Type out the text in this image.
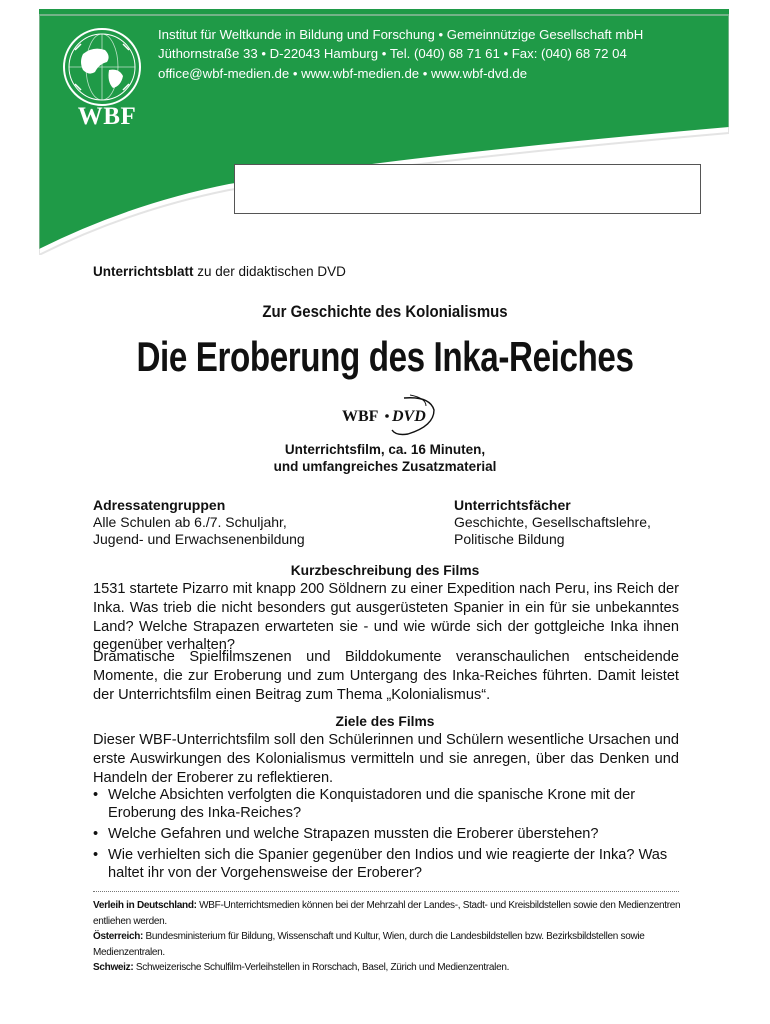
WBF
Institut für Weltkunde in Bildung und Forschung • Gemeinnützige Gesellschaft mbH
Jüthornstraße 33 • D-22043 Hamburg • Tel. (040) 68 71 61 • Fax: (040) 68 72 04
office@wbf-medien.de • www.wbf-medien.de • www.wbf-dvd.de
Unterrichtsblatt zu der didaktischen DVD
Zur Geschichte des Kolonialismus
Die Eroberung des Inka-Reiches
WBF DVD
Unterrichtsfilm, ca. 16 Minuten,
und umfangreiches Zusatzmaterial
Adressatengruppen
Alle Schulen ab 6./7. Schuljahr,
Jugend- und Erwachsenenbildung
Unterrichtsfächer
Geschichte, Gesellschaftslehre,
Politische Bildung
Kurzbeschreibung des Films
1531 startete Pizarro mit knapp 200 Söldnern zu einer Expedition nach Peru, ins Reich der Inka. Was trieb die nicht besonders gut ausgerüsteten Spanier in ein für sie unbekanntes Land? Welche Strapazen erwarteten sie - und wie würde sich der gottgleiche Inka ihnen gegenüber verhalten?
Dramatische Spielfilmszenen und Bilddokumente veranschaulichen entscheidende Momente, die zur Eroberung und zum Untergang des Inka-Reiches führten. Damit leistet der Unterrichtsfilm einen Beitrag zum Thema „Kolonialismus“.
Ziele des Films
Dieser WBF-Unterrichtsfilm soll den Schülerinnen und Schülern wesentliche Ursachen und erste Auswirkungen des Kolonialismus vermitteln und sie anregen, über das Denken und Handeln der Eroberer zu reflektieren.
• Welche Absichten verfolgten die Konquistadoren und die spanische Krone mit der Eroberung des Inka-Reiches?
• Welche Gefahren und welche Strapazen mussten die Eroberer überstehen?
• Wie verhielten sich die Spanier gegenüber den Indios und wie reagierte der Inka? Was haltet ihr von der Vorgehensweise der Eroberer?
Verleih in Deutschland: WBF-Unterrichtsmedien können bei der Mehrzahl der Landes-, Stadt- und Kreisbildstellen sowie den Medienzentren entliehen werden.
Österreich: Bundesministerium für Bildung, Wissenschaft und Kultur, Wien, durch die Landesbildstellen bzw. Bezirksbildstellen sowie Medienzentralen.
Schweiz: Schweizerische Schulfilm-Verleihstellen in Rorschach, Basel, Zürich und Medienzentralen.
